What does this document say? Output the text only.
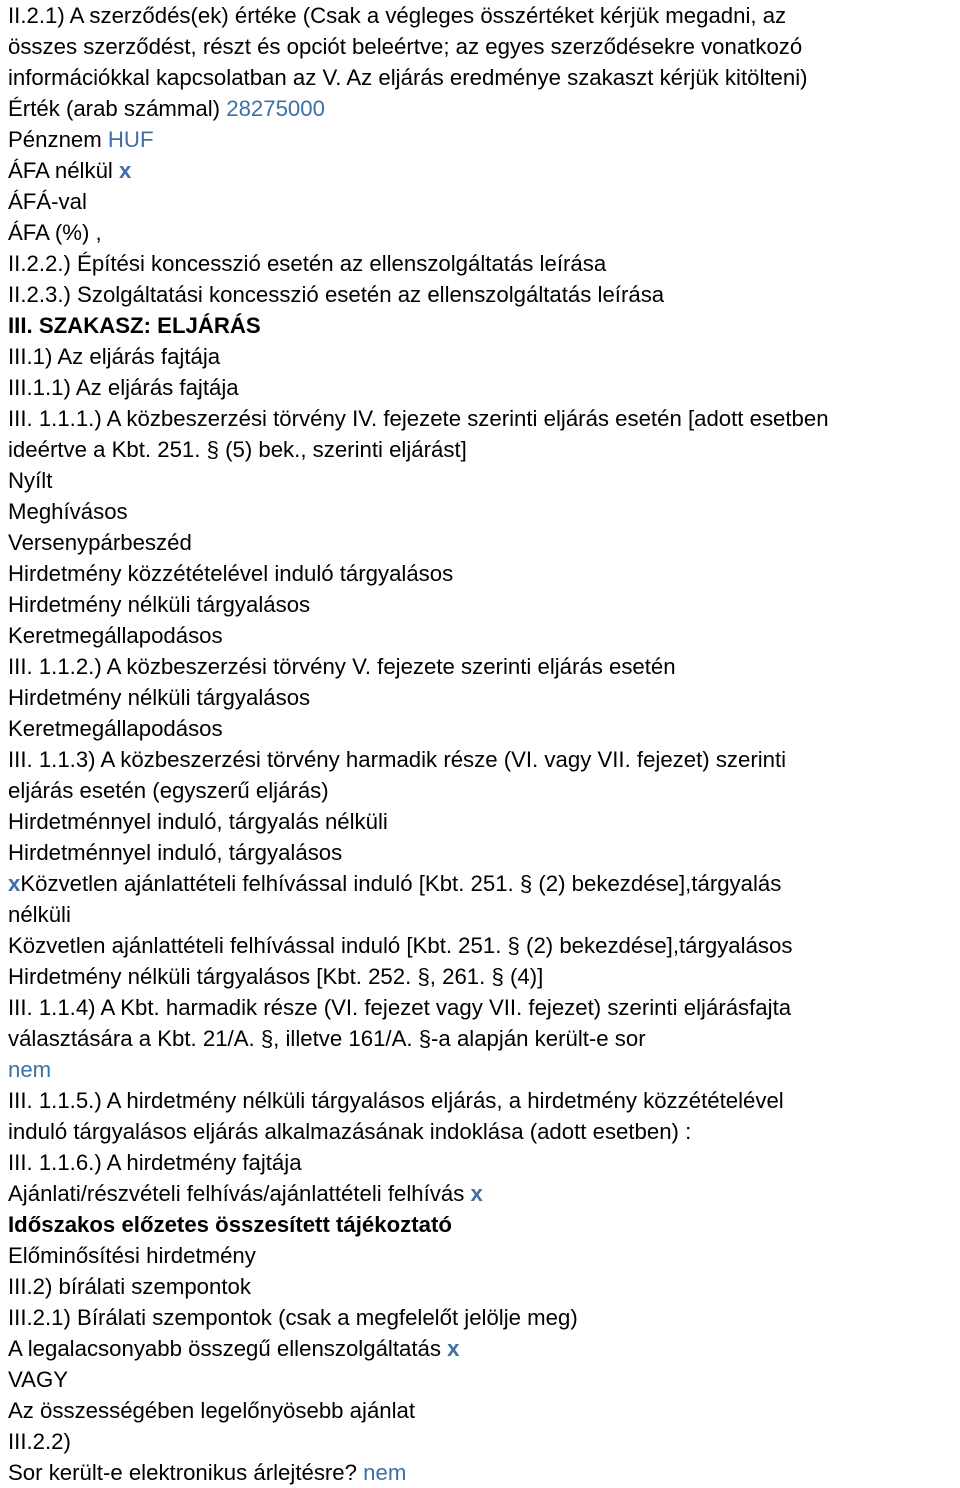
II.2.1) A szerződés(ek) értéke (Csak a végleges összértéket kérjük megadni, az
összes szerződést, részt és opciót beleértve; az egyes szerződésekre vonatkozó
információkkal kapcsolatban az V. Az eljárás eredménye szakaszt kérjük kitölteni)
Érték (arab számmal) 28275000
Pénznem HUF
ÁFA nélkül x
ÁFÁ-val
ÁFA (%) ,
II.2.2.) Építési koncesszió esetén az ellenszolgáltatás leírása
II.2.3.) Szolgáltatási koncesszió esetén az ellenszolgáltatás leírása
III. SZAKASZ: ELJÁRÁS
III.1) Az eljárás fajtája
III.1.1) Az eljárás fajtája
III. 1.1.1.) A közbeszerzési törvény IV. fejezete szerinti eljárás esetén [adott esetben
ideértve a Kbt. 251. § (5) bek., szerinti eljárást]
Nyílt
Meghívásos
Versenypárbeszéd
Hirdetmény közzétételével induló tárgyalásos
Hirdetmény nélküli tárgyalásos
Keretmegállapodásos
III. 1.1.2.) A közbeszerzési törvény V. fejezete szerinti eljárás esetén
Hirdetmény nélküli tárgyalásos
Keretmegállapodásos
III. 1.1.3) A közbeszerzési törvény harmadik része (VI. vagy VII. fejezet) szerinti
eljárás esetén (egyszerű eljárás)
Hirdetménnyel induló, tárgyalás nélküli
Hirdetménnyel induló, tárgyalásos
xKözvetlen ajánlattételi felhívással induló [Kbt. 251. § (2) bekezdése],tárgyalás
nélküli
Közvetlen ajánlattételi felhívással induló [Kbt. 251. § (2) bekezdése],tárgyalásos
Hirdetmény nélküli tárgyalásos [Kbt. 252. §, 261. § (4)]
III. 1.1.4) A Kbt. harmadik része (VI. fejezet vagy VII. fejezet) szerinti eljárásfajta
választására a Kbt. 21/A. §, illetve 161/A. §-a alapján került-e sor
nem
III. 1.1.5.) A hirdetmény nélküli tárgyalásos eljárás, a hirdetmény közzétételével
induló tárgyalásos eljárás alkalmazásának indoklása (adott esetben) :
III. 1.1.6.) A hirdetmény fajtája
Ajánlati/részvételi felhívás/ajánlattételi felhívás x
Időszakos előzetes összesített tájékoztató
Előminősítési hirdetmény
III.2) bírálati szempontok
III.2.1) Bírálati szempontok (csak a megfelelőt jelölje meg)
A legalacsonyabb összegű ellenszolgáltatás x
VAGY
Az összességében legelőnyösebb ajánlat
III.2.2)
Sor került-e elektronikus árlejtésre? nem
